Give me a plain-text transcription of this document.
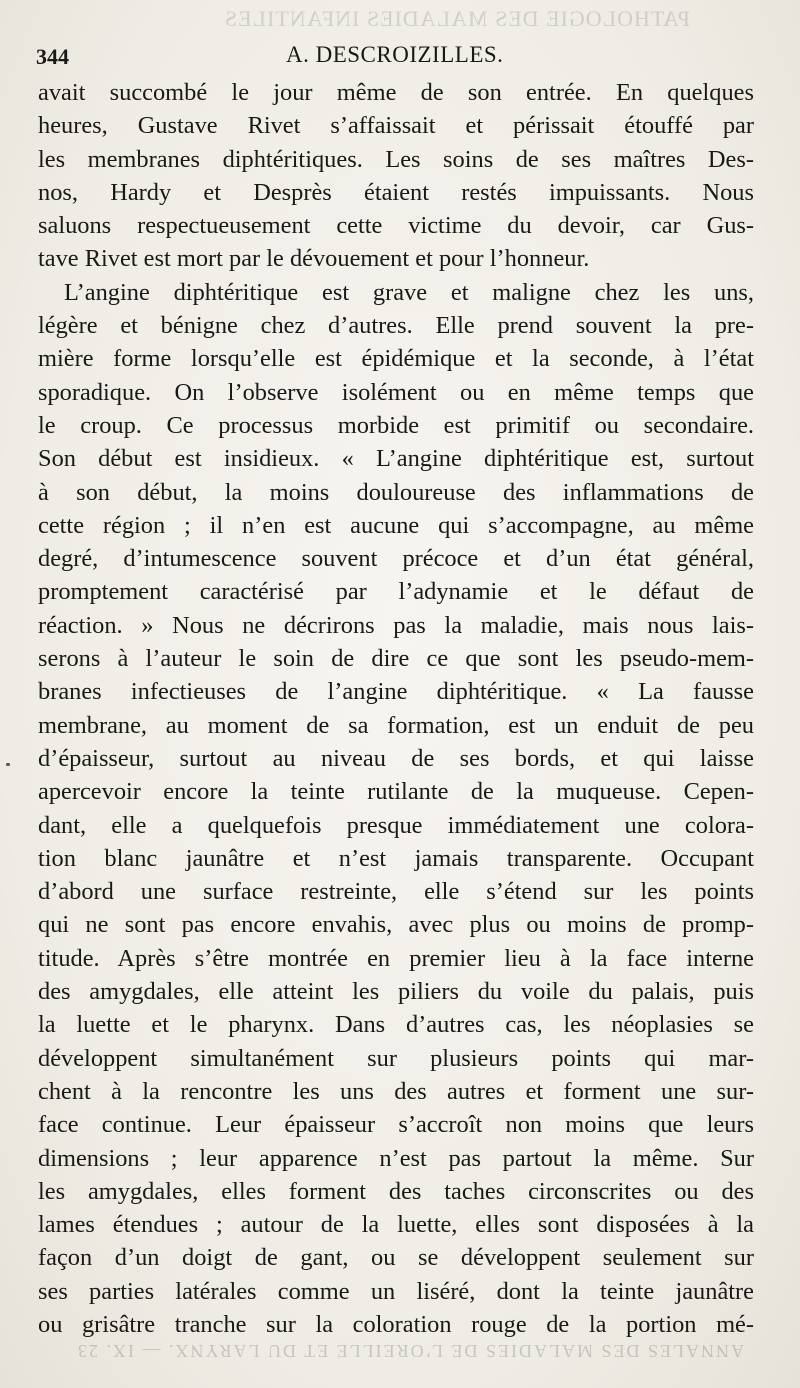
PATHOLOGIE DES MALADIES INFANTILES
344	A. DESCROIZILLES.
avait succombé le jour même de son entrée. En quelques
heures, Gustave Rivet s’affaissait et périssait étouffé par
les membranes diphtéritiques. Les soins de ses maîtres Des-
nos, Hardy et Desprès étaient restés impuissants. Nous
saluons respectueusement cette victime du devoir, car Gus-
tave Rivet est mort par le dévouement et pour l’honneur.
L’angine diphtéritique est grave et maligne chez les uns,
légère et bénigne chez d’autres. Elle prend souvent la pre-
mière forme lorsqu’elle est épidémique et la seconde, à l’état
sporadique. On l’observe isolément ou en même temps que
le croup. Ce processus morbide est primitif ou secondaire.
Son début est insidieux. « L’angine diphtéritique est, surtout
à son début, la moins douloureuse des inflammations de
cette région ; il n’en est aucune qui s’accompagne, au même
degré, d’intumescence souvent précoce et d’un état général,
promptement caractérisé par l’adynamie et le défaut de
réaction. » Nous ne décrirons pas la maladie, mais nous lais-
serons à l’auteur le soin de dire ce que sont les pseudo-mem-
branes infectieuses de l’angine diphtéritique. « La fausse
membrane, au moment de sa formation, est un enduit de peu
d’épaisseur, surtout au niveau de ses bords, et qui laisse
apercevoir encore la teinte rutilante de la muqueuse. Cepen-
dant, elle a quelquefois presque immédiatement une colora-
tion blanc jaunâtre et n’est jamais transparente. Occupant
d’abord une surface restreinte, elle s’étend sur les points
qui ne sont pas encore envahis, avec plus ou moins de promp-
titude. Après s’être montrée en premier lieu à la face interne
des amygdales, elle atteint les piliers du voile du palais, puis
la luette et le pharynx. Dans d’autres cas, les néoplasies se
développent simultanément sur plusieurs points qui mar-
chent à la rencontre les uns des autres et forment une sur-
face continue. Leur épaisseur s’accroît non moins que leurs
dimensions ; leur apparence n’est pas partout la même. Sur
les amygdales, elles forment des taches circonscrites ou des
lames étendues ; autour de la luette, elles sont disposées à la
façon d’un doigt de gant, ou se développent seulement sur
ses parties latérales comme un liséré, dont la teinte jaunâtre
ou grisâtre tranche sur la coloration rouge de la portion mé-
ANNALES DES MALADIES DE L’OREILLE ET DU LARYNX. — IX. 23
